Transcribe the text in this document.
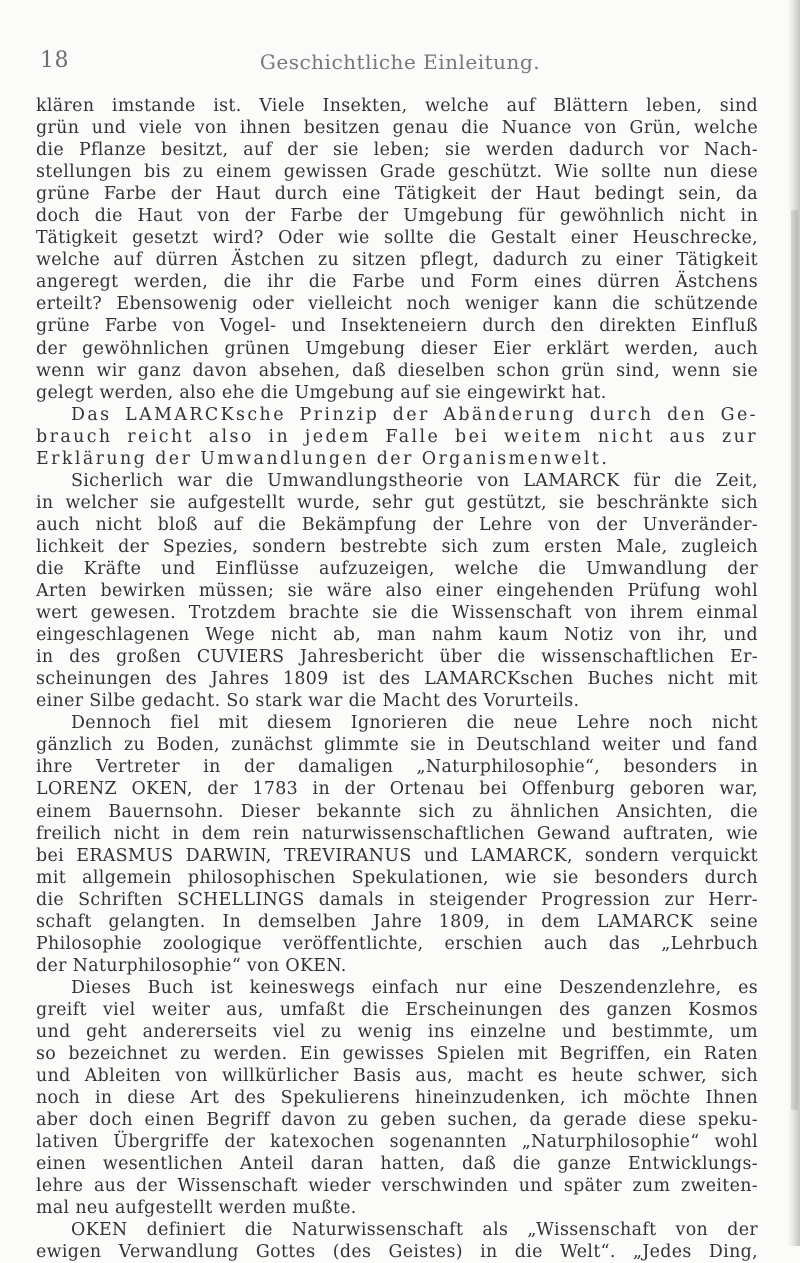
18	Geschichtliche Einleitung.
klären imstande ist. Viele Insekten, welche auf Blättern leben, sind
grün und viele von ihnen besitzen genau die Nuance von Grün, welche
die Pflanze besitzt, auf der sie leben; sie werden dadurch vor Nach-
stellungen bis zu einem gewissen Grade geschützt. Wie sollte nun diese
grüne Farbe der Haut durch eine Tätigkeit der Haut bedingt sein, da
doch die Haut von der Farbe der Umgebung für gewöhnlich nicht in
Tätigkeit gesetzt wird? Oder wie sollte die Gestalt einer Heuschrecke,
welche auf dürren Ästchen zu sitzen pflegt, dadurch zu einer Tätigkeit
angeregt werden, die ihr die Farbe und Form eines dürren Ästchens
erteilt? Ebensowenig oder vielleicht noch weniger kann die schützende
grüne Farbe von Vogel- und Insekteneiern durch den direkten Einfluß
der gewöhnlichen grünen Umgebung dieser Eier erklärt werden, auch
wenn wir ganz davon absehen, daß dieselben schon grün sind, wenn sie
gelegt werden, also ehe die Umgebung auf sie eingewirkt hat.
Das LAMARCKsche Prinzip der Abänderung durch den Ge-
brauch reicht also in jedem Falle bei weitem nicht aus zur
Erklärung der Umwandlungen der Organismenwelt.
Sicherlich war die Umwandlungstheorie von LAMARCK für die Zeit,
in welcher sie aufgestellt wurde, sehr gut gestützt, sie beschränkte sich
auch nicht bloß auf die Bekämpfung der Lehre von der Unveränder-
lichkeit der Spezies, sondern bestrebte sich zum ersten Male, zugleich
die Kräfte und Einflüsse aufzuzeigen, welche die Umwandlung der
Arten bewirken müssen; sie wäre also einer eingehenden Prüfung wohl
wert gewesen. Trotzdem brachte sie die Wissenschaft von ihrem einmal
eingeschlagenen Wege nicht ab, man nahm kaum Notiz von ihr, und
in des großen CUVIERS Jahresbericht über die wissenschaftlichen Er-
scheinungen des Jahres 1809 ist des LAMARCKschen Buches nicht mit
einer Silbe gedacht. So stark war die Macht des Vorurteils.
Dennoch fiel mit diesem Ignorieren die neue Lehre noch nicht
gänzlich zu Boden, zunächst glimmte sie in Deutschland weiter und fand
ihre Vertreter in der damaligen „Naturphilosophie“, besonders in
LORENZ OKEN, der 1783 in der Ortenau bei Offenburg geboren war,
einem Bauernsohn. Dieser bekannte sich zu ähnlichen Ansichten, die
freilich nicht in dem rein naturwissenschaftlichen Gewand auftraten, wie
bei ERASMUS DARWIN, TREVIRANUS und LAMARCK, sondern verquickt
mit allgemein philosophischen Spekulationen, wie sie besonders durch
die Schriften SCHELLINGS damals in steigender Progression zur Herr-
schaft gelangten. In demselben Jahre 1809, in dem LAMARCK seine
Philosophie zoologique veröffentlichte, erschien auch das „Lehrbuch
der Naturphilosophie“ von OKEN.
Dieses Buch ist keineswegs einfach nur eine Deszendenzlehre, es
greift viel weiter aus, umfaßt die Erscheinungen des ganzen Kosmos
und geht andererseits viel zu wenig ins einzelne und bestimmte, um
so bezeichnet zu werden. Ein gewisses Spielen mit Begriffen, ein Raten
und Ableiten von willkürlicher Basis aus, macht es heute schwer, sich
noch in diese Art des Spekulierens hineinzudenken, ich möchte Ihnen
aber doch einen Begriff davon zu geben suchen, da gerade diese speku-
lativen Übergriffe der katexochen sogenannten „Naturphilosophie“ wohl
einen wesentlichen Anteil daran hatten, daß die ganze Entwicklungs-
lehre aus der Wissenschaft wieder verschwinden und später zum zweiten-
mal neu aufgestellt werden mußte.
OKEN definiert die Naturwissenschaft als „Wissenschaft von der
ewigen Verwandlung Gottes (des Geistes) in die Welt“. „Jedes Ding,
